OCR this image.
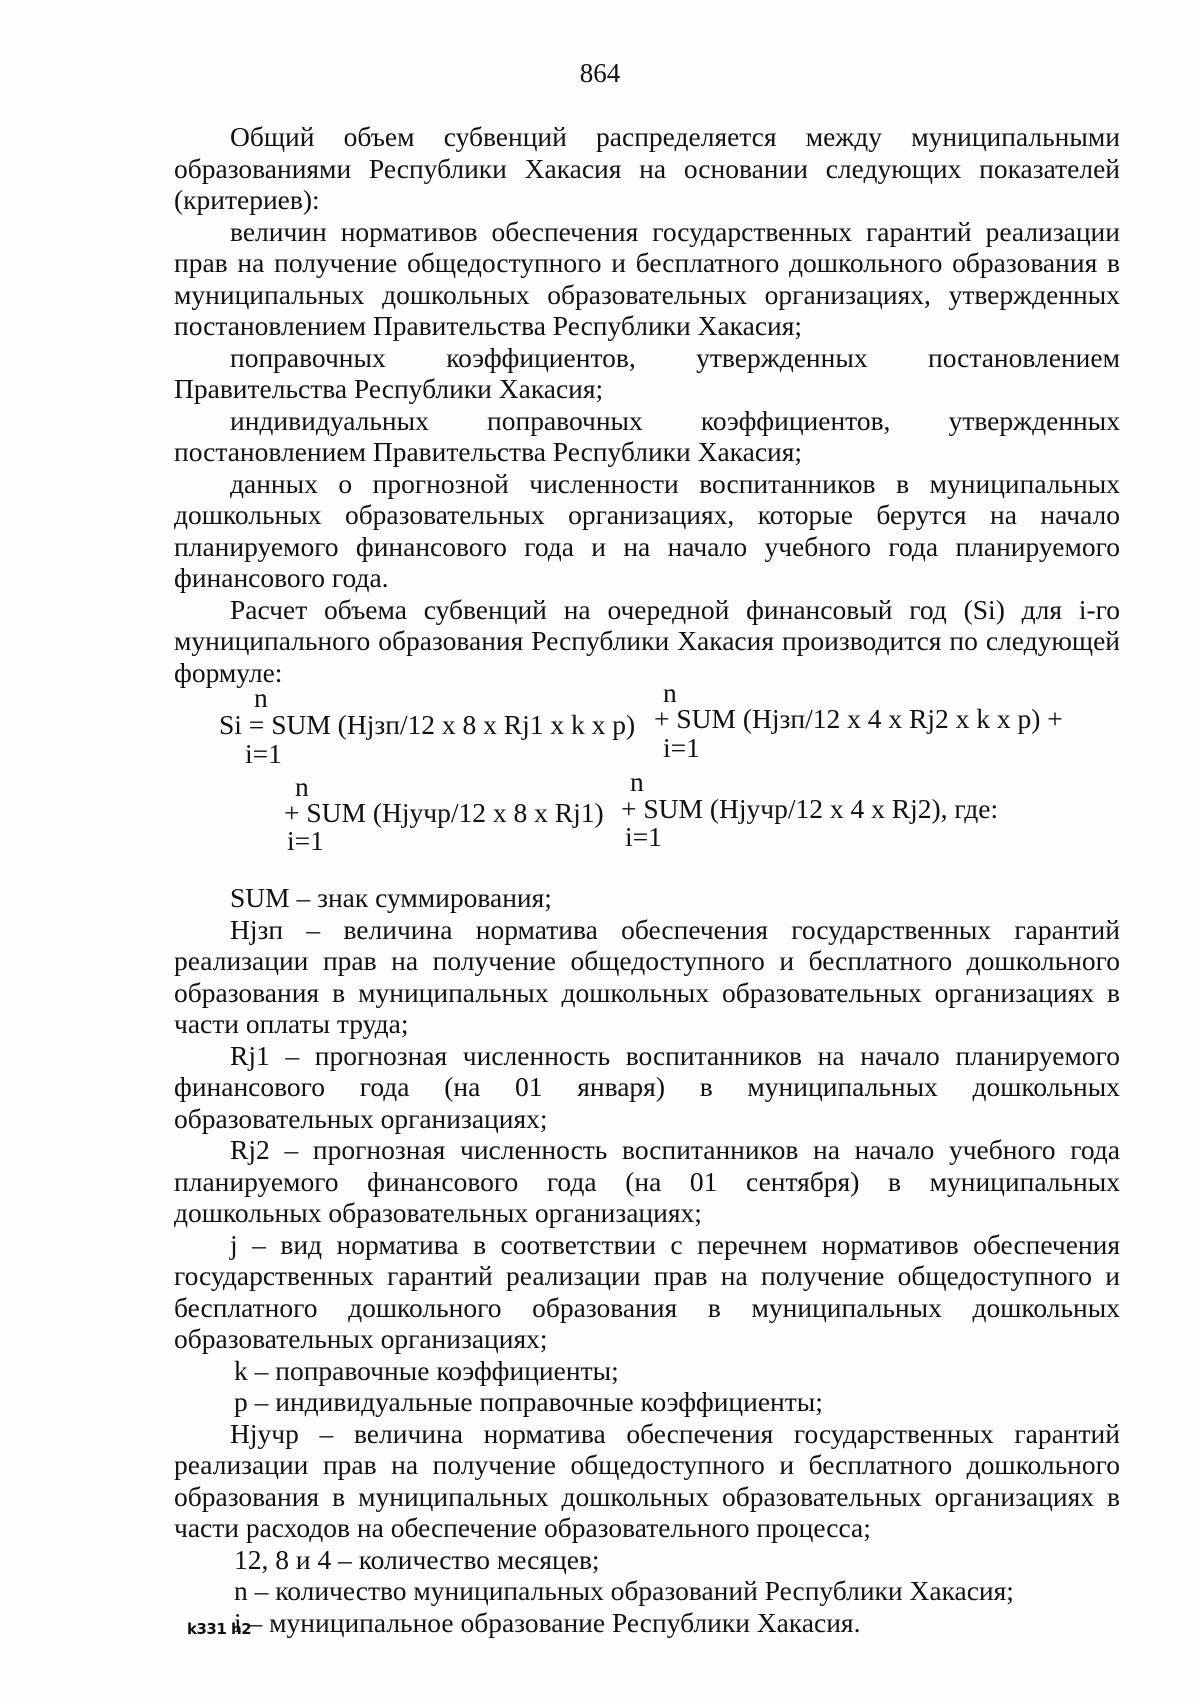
864

Общий объем субвенций распределяется между муниципальными образованиями Республики Хакасия на основании следующих показателей (критериев):

величин нормативов обеспечения государственных гарантий реализации прав на получение общедоступного и бесплатного дошкольного образования в муниципальных дошкольных образовательных организациях, утвержденных постановлением Правительства Республики Хакасия;

поправочных коэффициентов, утвержденных постановлением Правительства Республики Хакасия;

индивидуальных поправочных коэффициентов, утвержденных постановлением Правительства Республики Хакасия;

данных о прогнозной численности воспитанников в муниципальных дошкольных образовательных организациях, которые берутся на начало планируемого финансового года и на начало учебного года планируемого финансового года.

Расчет объема субвенций на очередной финансовый год (Si) для i-го муниципального образования Республики Хакасия производится по следующей формуле:

n	n
Si = SUM (Hjзп/12 x 8 x Rj1 x k x p) + SUM (Hjзп/12 x 4 x Rj2 x k x p) +
i=1	i=1
n	n
+ SUM (Hjучр/12 x 8 x Rj1) + SUM (Hjучр/12 x 4 x Rj2), где:
i=1	i=1

SUM – знак суммирования;

Hjзп – величина норматива обеспечения государственных гарантий реализации прав на получение общедоступного и бесплатного дошкольного образования в муниципальных дошкольных образовательных организациях в части оплаты труда;

Rj1 – прогнозная численность воспитанников на начало планируемого финансового года (на 01 января) в муниципальных дошкольных образовательных организациях;

Rj2 – прогнозная численность воспитанников на начало учебного года планируемого финансового года (на 01 сентября) в муниципальных дошкольных образовательных организациях;

j – вид норматива в соответствии с перечнем нормативов обеспечения государственных гарантий реализации прав на получение общедоступного и бесплатного дошкольного образования в муниципальных дошкольных образовательных организациях;

k – поправочные коэффициенты;

p – индивидуальные поправочные коэффициенты;

Hjучр – величина норматива обеспечения государственных гарантий реализации прав на получение общедоступного и бесплатного дошкольного образования в муниципальных дошкольных образовательных организациях в части расходов на обеспечение образовательного процесса;

12, 8 и 4 – количество месяцев;

n – количество муниципальных образований Республики Хакасия;

i – муниципальное образование Республики Хакасия.

k331 h2
